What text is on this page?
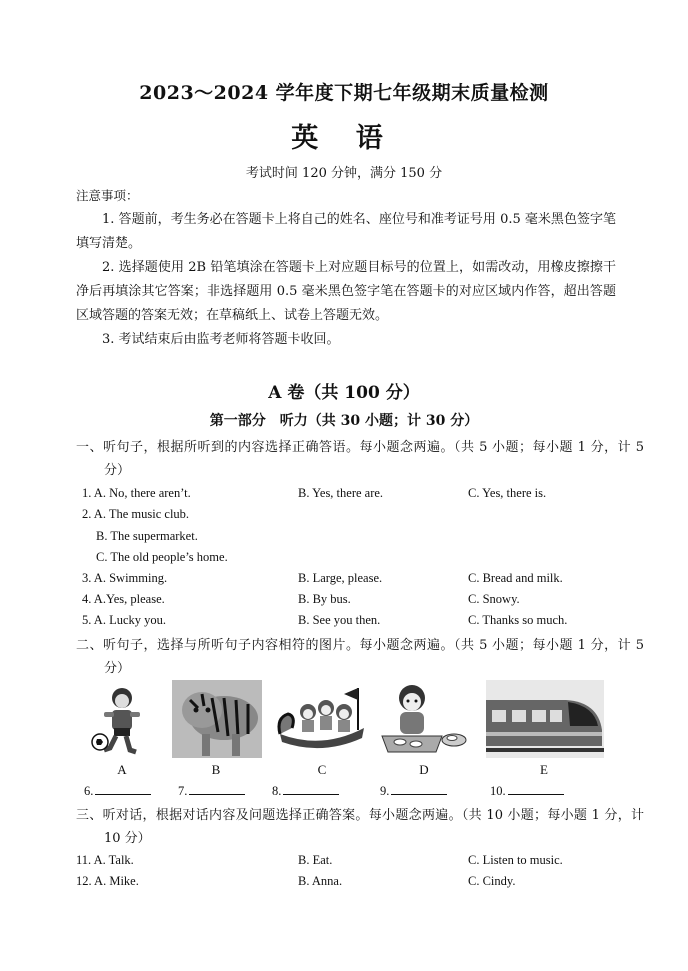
2023～2024 学年度下期七年级期末质量检测
英 语
考试时间 120 分钟，满分 150 分
注意事项：
1. 答题前，考生务必在答题卡上将自己的姓名、座位号和准考证号用 0.5 毫米黑色签字笔填写清楚。
2. 选择题使用 2B 铅笔填涂在答题卡上对应题目标号的位置上，如需改动，用橡皮擦擦干净后再填涂其它答案；非选择题用 0.5 毫米黑色签字笔在答题卡的对应区域内作答，超出答题区域答题的答案无效；在草稿纸上、试卷上答题无效。
3. 考试结束后由监考老师将答题卡收回。
A 卷（共 100 分）
第一部分　听力（共 30 小题；计 30 分）
一、听句子，根据所听到的内容选择正确答语。每小题念两遍。（共 5 小题；每小题 1 分，计 5 分）
1. A. No, there aren’t.	B. Yes, there are.	C. Yes, there is.
2. A. The music club.
B. The supermarket.
C. The old people’s home.
3. A. Swimming.	B. Large, please.	C. Bread and milk.
4. A.Yes, please.	B. By bus.	C. Snowy.
5. A. Lucky you.	B. See you then.	C. Thanks so much.
二、听句子，选择与所听句子内容相符的图片。每小题念两遍。（共 5 小题；每小题 1 分，计 5 分）
A	B	C	D	E
6.	7.	8.	9.	10.
三、听对话，根据对话内容及问题选择正确答案。每小题念两遍。（共 10 小题；每小题 1 分，计 10 分）
11. A. Talk.	B. Eat.	C. Listen to music.
12. A. Mike.	B. Anna.	C. Cindy.
